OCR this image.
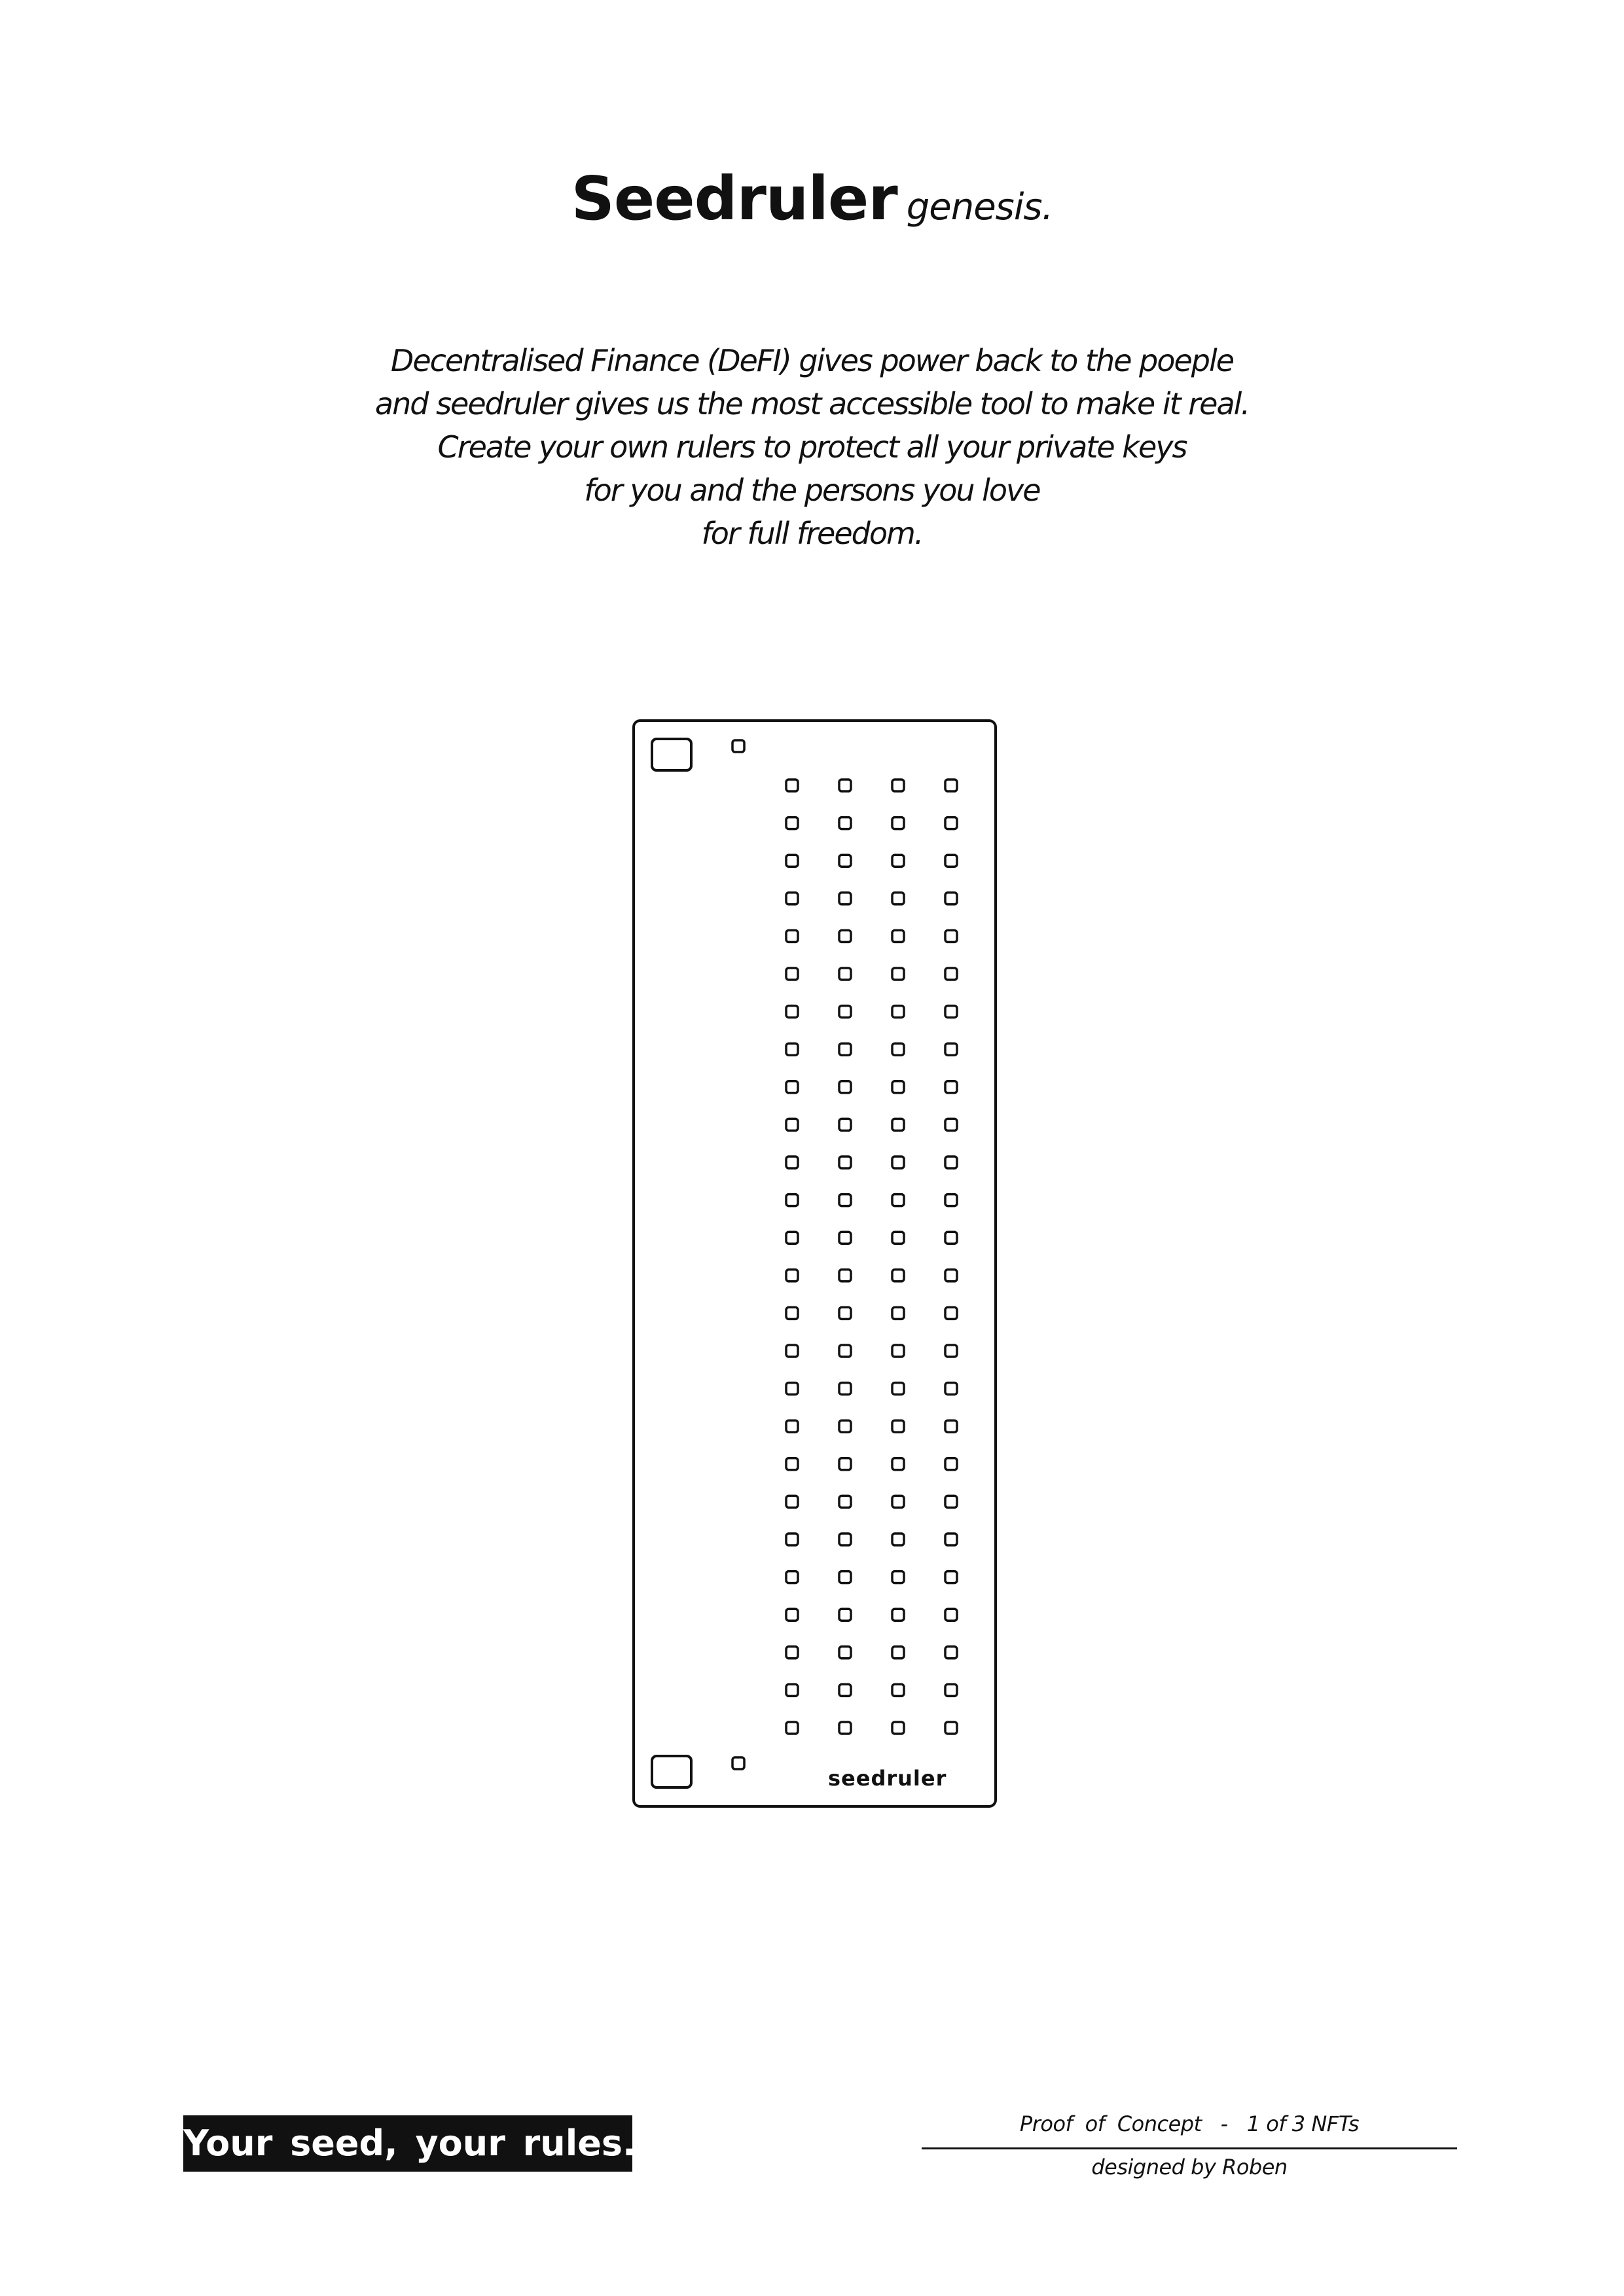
Seedruler genesis.
Decentralised Finance (DeFI) gives power back to the poeple
and seedruler gives us the most accessible tool to make it real.
Create your own rulers to protect all your private keys
for you and the persons you love
for full freedom.
seedruler
Your seed, your rules.	Proof  of  Concept   -   1 of 3 NFTs
designed by Roben
